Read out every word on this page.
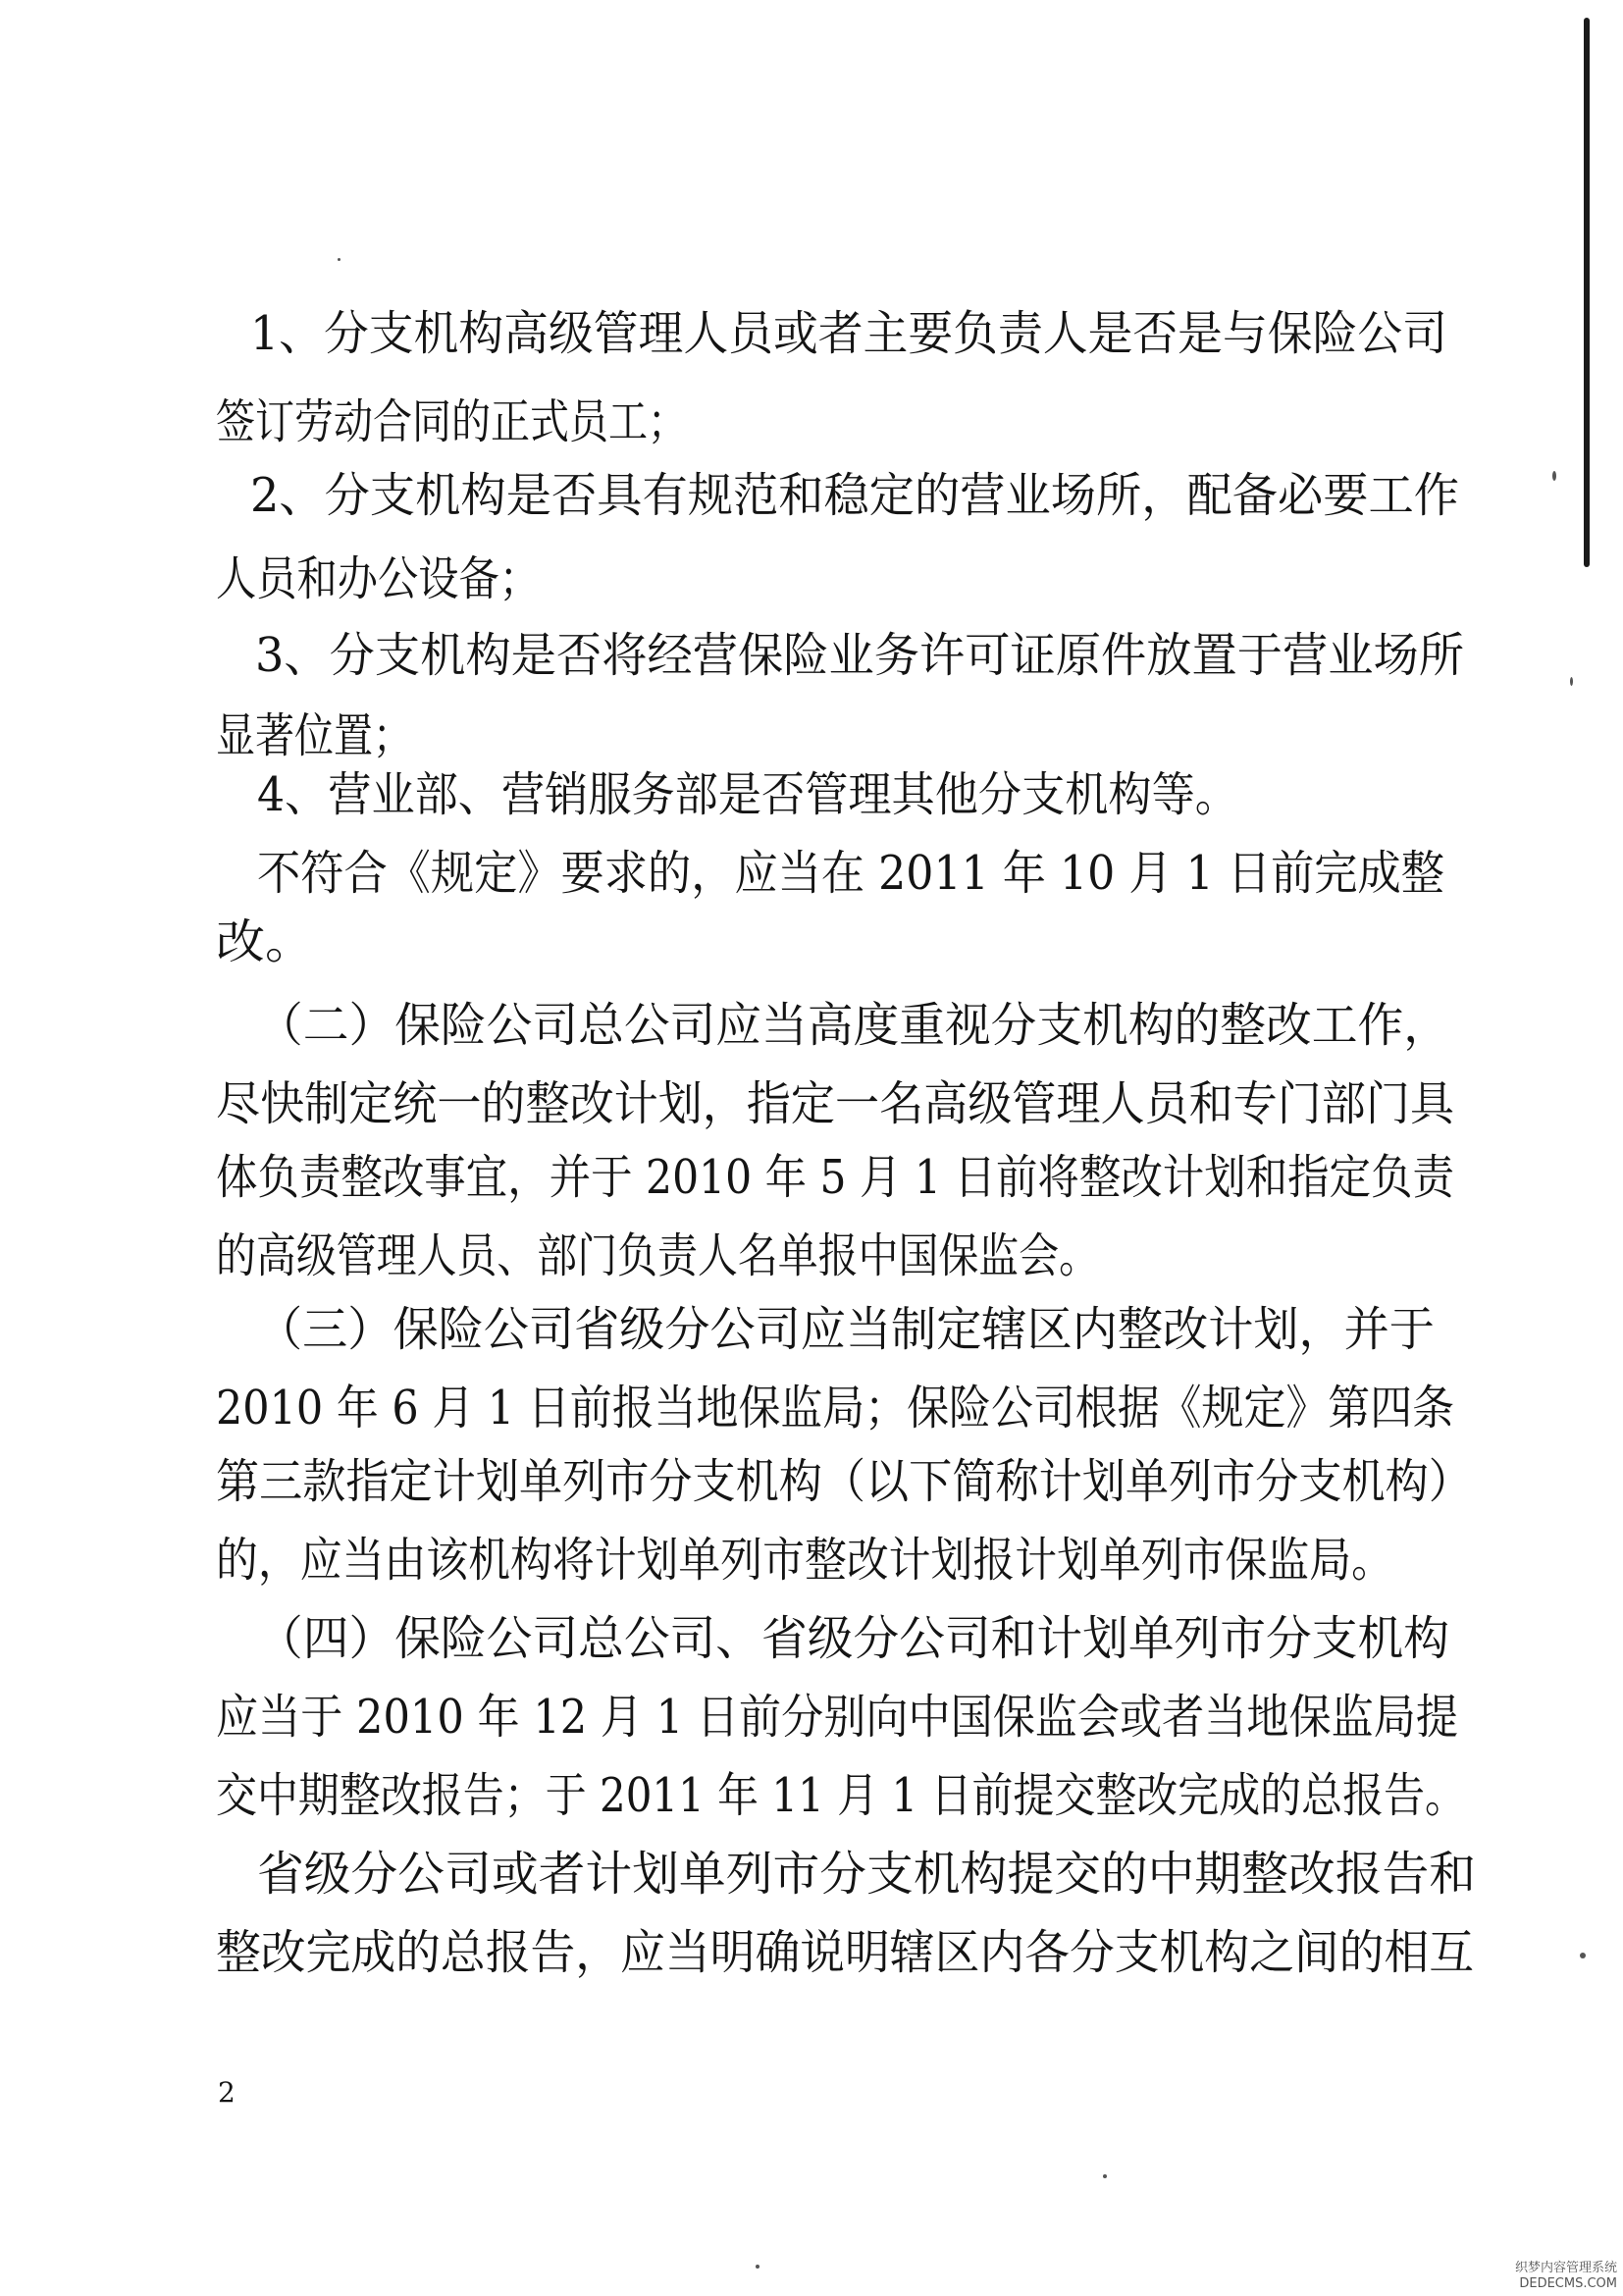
1、分支机构高级管理人员或者主要负责人是否是与保险公司
签订劳动合同的正式员工；
2、分支机构是否具有规范和稳定的营业场所，配备必要工作
人员和办公设备；
3、分支机构是否将经营保险业务许可证原件放置于营业场所
显著位置；
4、营业部、营销服务部是否管理其他分支机构等。
不符合《规定》要求的，应当在 2011 年 10 月 1 日前完成整
改。
（二）保险公司总公司应当高度重视分支机构的整改工作，
尽快制定统一的整改计划，指定一名高级管理人员和专门部门具
体负责整改事宜，并于 2010 年 5 月 1 日前将整改计划和指定负责
的高级管理人员、部门负责人名单报中国保监会。
（三）保险公司省级分公司应当制定辖区内整改计划，并于
2010 年 6 月 1 日前报当地保监局；保险公司根据《规定》第四条
第三款指定计划单列市分支机构（以下简称计划单列市分支机构）
的，应当由该机构将计划单列市整改计划报计划单列市保监局。
（四）保险公司总公司、省级分公司和计划单列市分支机构
应当于 2010 年 12 月 1 日前分别向中国保监会或者当地保监局提
交中期整改报告；于 2011 年 11 月 1 日前提交整改完成的总报告。
省级分公司或者计划单列市分支机构提交的中期整改报告和
整改完成的总报告，应当明确说明辖区内各分支机构之间的相互
2
织梦内容管理系统 DEDECMS.COM
